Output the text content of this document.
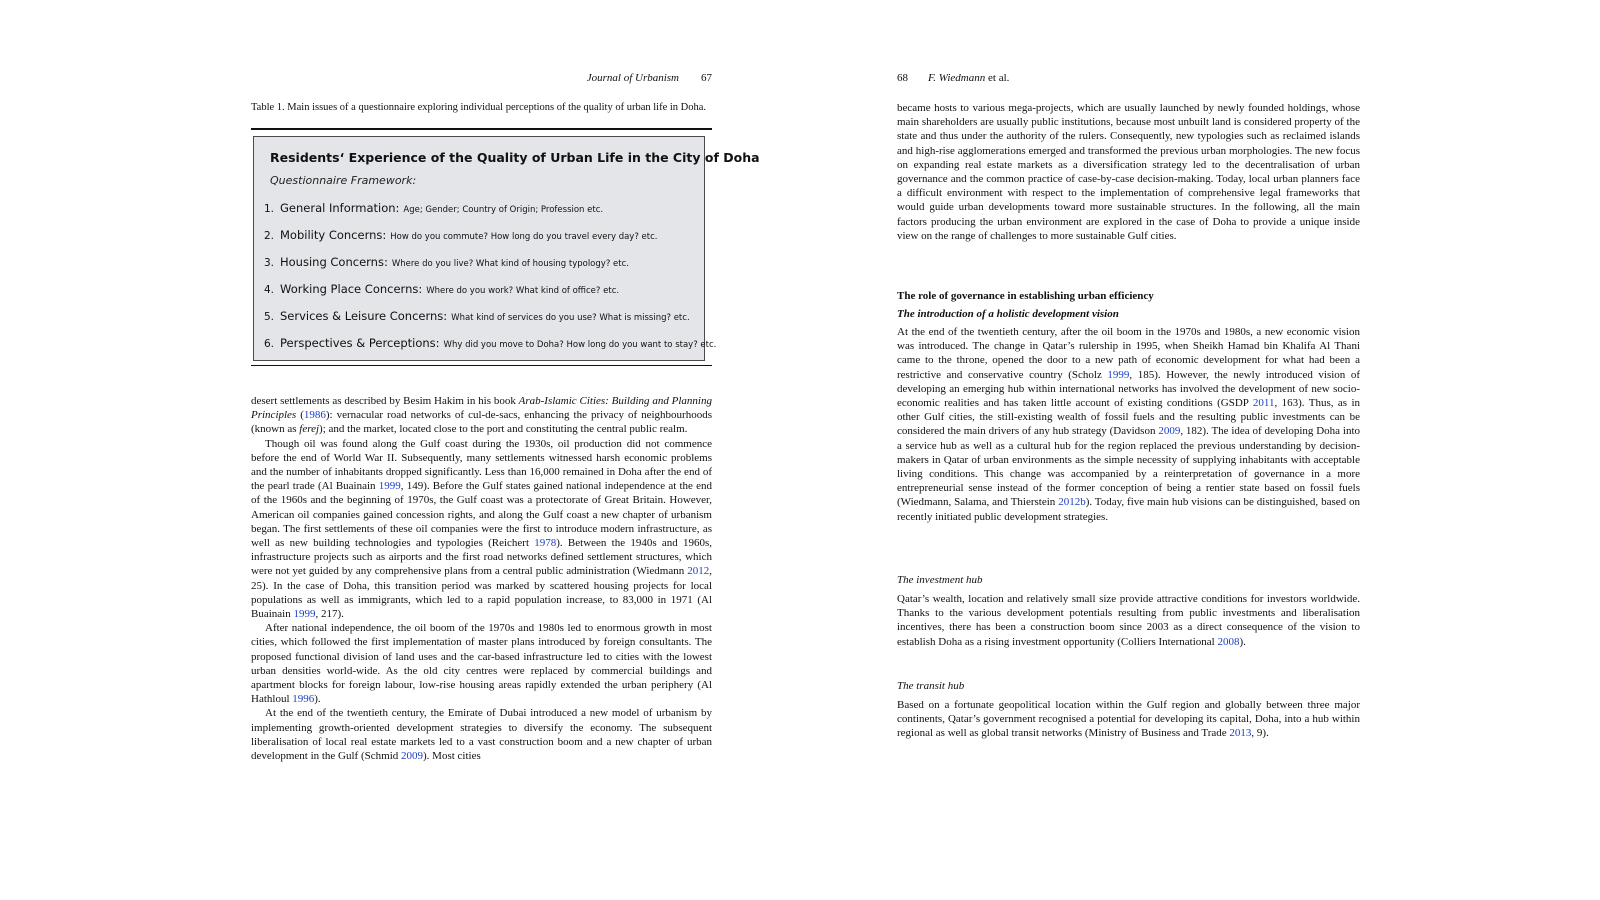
Journal of Urbanism 67
Table 1. Main issues of a questionnaire exploring individual perceptions of the quality of urban life in Doha.
Residents‘ Experience of the Quality of Urban Life in the City of Doha
Questionnaire Framework:
1. General Information: Age; Gender; Country of Origin; Profession etc.
2. Mobility Concerns: How do you commute? How long do you travel every day? etc.
3. Housing Concerns: Where do you live? What kind of housing typology? etc.
4. Working Place Concerns: Where do you work? What kind of office? etc.
5. Services & Leisure Concerns: What kind of services do you use? What is missing? etc.
6. Perspectives & Perceptions: Why did you move to Doha? How long do you want to stay? etc.

desert settlements as described by Besim Hakim in his book Arab-Islamic Cities: Building and Planning Principles (1986): vernacular road networks of cul-de-sacs, enhancing the privacy of neighbourhoods (known as ferej); and the market, located close to the port and constituting the central public realm.

Though oil was found along the Gulf coast during the 1930s, oil production did not commence before the end of World War II. Subsequently, many settlements witnessed harsh economic problems and the number of inhabitants dropped significantly. Less than 16,000 remained in Doha after the end of the pearl trade (Al Buainain 1999, 149). Before the Gulf states gained national independence at the end of the 1960s and the beginning of 1970s, the Gulf coast was a protectorate of Great Britain. However, American oil companies gained concession rights, and along the Gulf coast a new chapter of urbanism began. The first settlements of these oil companies were the first to introduce modern infrastructure, as well as new building technologies and typologies (Reichert 1978). Between the 1940s and 1960s, infrastructure projects such as airports and the first road networks defined settlement structures, which were not yet guided by any comprehensive plans from a central public administration (Wiedmann 2012, 25). In the case of Doha, this transition period was marked by scattered housing projects for local populations as well as immigrants, which led to a rapid population increase, to 83,000 in 1971 (Al Buainain 1999, 217).

After national independence, the oil boom of the 1970s and 1980s led to enormous growth in most cities, which followed the first implementation of master plans introduced by foreign consultants. The proposed functional division of land uses and the car-based infrastructure led to cities with the lowest urban densities world-wide. As the old city centres were replaced by commercial buildings and apartment blocks for foreign labour, low-rise housing areas rapidly extended the urban periphery (Al Hathloul 1996).

At the end of the twentieth century, the Emirate of Dubai introduced a new model of urbanism by implementing growth-oriented development strategies to diversify the economy. The subsequent liberalisation of local real estate markets led to a vast construction boom and a new chapter of urban development in the Gulf (Schmid 2009). Most cities

68 F. Wiedmann et al.

became hosts to various mega-projects, which are usually launched by newly founded holdings, whose main shareholders are usually public institutions, because most unbuilt land is considered property of the state and thus under the authority of the rulers. Consequently, new typologies such as reclaimed islands and high-rise agglomerations emerged and transformed the previous urban morphologies. The new focus on expanding real estate markets as a diversification strategy led to the decentralisation of urban governance and the common practice of case-by-case decision-making. Today, local urban planners face a difficult environment with respect to the implementation of comprehensive legal frameworks that would guide urban developments toward more sustainable structures. In the following, all the main factors producing the urban environment are explored in the case of Doha to provide a unique inside view on the range of challenges to more sustainable Gulf cities.

The role of governance in establishing urban efficiency
The introduction of a holistic development vision

At the end of the twentieth century, after the oil boom in the 1970s and 1980s, a new economic vision was introduced. The change in Qatar’s rulership in 1995, when Sheikh Hamad bin Khalifa Al Thani came to the throne, opened the door to a new path of economic development for what had been a restrictive and conservative country (Scholz 1999, 185). However, the newly introduced vision of developing an emerging hub within international networks has involved the development of new socio-economic realities and has taken little account of existing conditions (GSDP 2011, 163). Thus, as in other Gulf cities, the still-existing wealth of fossil fuels and the resulting public investments can be considered the main drivers of any hub strategy (Davidson 2009, 182). The idea of developing Doha into a service hub as well as a cultural hub for the region replaced the previous understanding by decision-makers in Qatar of urban environments as the simple necessity of supplying inhabitants with acceptable living conditions. This change was accompanied by a reinterpretation of governance in a more entrepreneurial sense instead of the former conception of being a rentier state based on fossil fuels (Wiedmann, Salama, and Thierstein 2012b). Today, five main hub visions can be distinguished, based on recently initiated public development strategies.

The investment hub

Qatar’s wealth, location and relatively small size provide attractive conditions for investors worldwide. Thanks to the various development potentials resulting from public investments and liberalisation incentives, there has been a construction boom since 2003 as a direct consequence of the vision to establish Doha as a rising investment opportunity (Colliers International 2008).

The transit hub

Based on a fortunate geopolitical location within the Gulf region and globally between three major continents, Qatar’s government recognised a potential for developing its capital, Doha, into a hub within regional as well as global transit networks (Ministry of Business and Trade 2013, 9).
